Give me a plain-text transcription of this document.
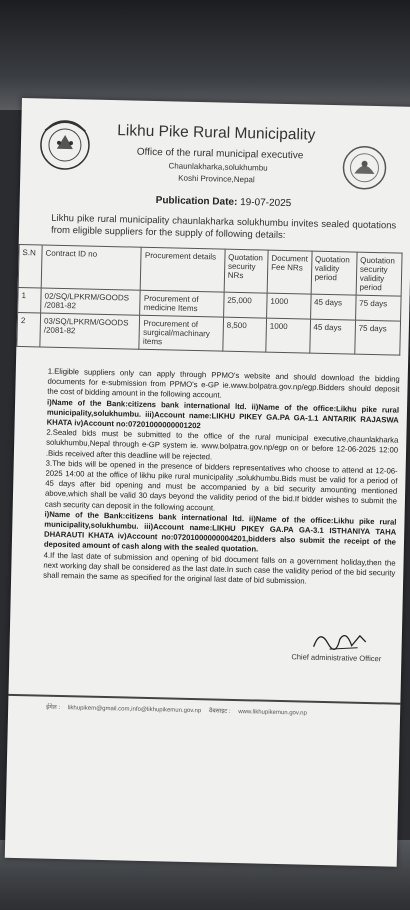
Likhu Pike Rural Municipality
Office of the rural municipal executive
Chaunlakharka,solukhumbu
Koshi Province,Nepal
Publication Date: 19-07-2025
Likhu pike rural municipality chaunlakharka solukhumbu invites sealed quotations from eligible suppliers for the supply of following details:
S.N	Contract ID no	Procurement details	Quotation security NRs	Document Fee NRs	Quotation validity period	Quotation security validity period
1	02/SQ/LPKRM/GOODS /2081-82	Procurement of medicine Items	25,000	1000	45 days	75 days
2	03/SQ/LPKRM/GOODS /2081-82	Procurement of surgical/machinary items	8,500	1000	45 days	75 days

1.Eligible suppliers only can apply through PPMO's website and should download the bidding documents for e-submission from PPMO's e-GP ie.www.bolpatra.gov.np/egp.Bidders should deposit the cost of bidding amount in the following account.

i)Name of the Bank:citizens bank international ltd. ii)Name of the office:Likhu pike rural municipality,solukhumbu. iii)Account name:LIKHU PIKEY GA.PA GA-1.1 ANTARIK RAJASWA KHATA iv)Account no:07201000000001202

2.Sealed bids must be submitted to the office of the rural municipal executive,chaunlakharka solukhumbu,Nepal through e-GP system ie. www.bolpatra.gov.np/egp on or before 12-06-2025 12:00 .Bids received after this deadline will be rejected.

3.The bids will be opened in the presence of bidders representatives who choose to attend at 12-06-2025 14:00 at the office of likhu pike rural municipality ,solukhumbu.Bids must be valid for a period of 45 days after bid opening and must be accompanied by a bid security amounting mentioned above,which shall be valid 30 days beyond the validity period of the bid.If bidder wishes to submit the cash security can deposit in the following account.

i)Name of the Bank:citizens bank international ltd. ii)Name of the office:Likhu pike rural municipality,solukhumbu. iii)Account name:LIKHU PIKEY GA.PA GA-3.1 ISTHANIYA TAHA DHARAUTI KHATA iv)Account no:07201000000004201,bidders also submit the receipt of the deposited amount of cash along with the sealed quotation.

4.If the last date of submission and opening of bid document falls on a government holiday,then the next working day shall be considered as the last date.In such case the validity period of the bid security shall remain the same as specified for the original last date of bid submission.

Chief administrative Officer
ईमेल : likhupikem@gmail.com,info@likhupikemun.gov.np वेबसाइट : www.likhupikemun.gov.np
